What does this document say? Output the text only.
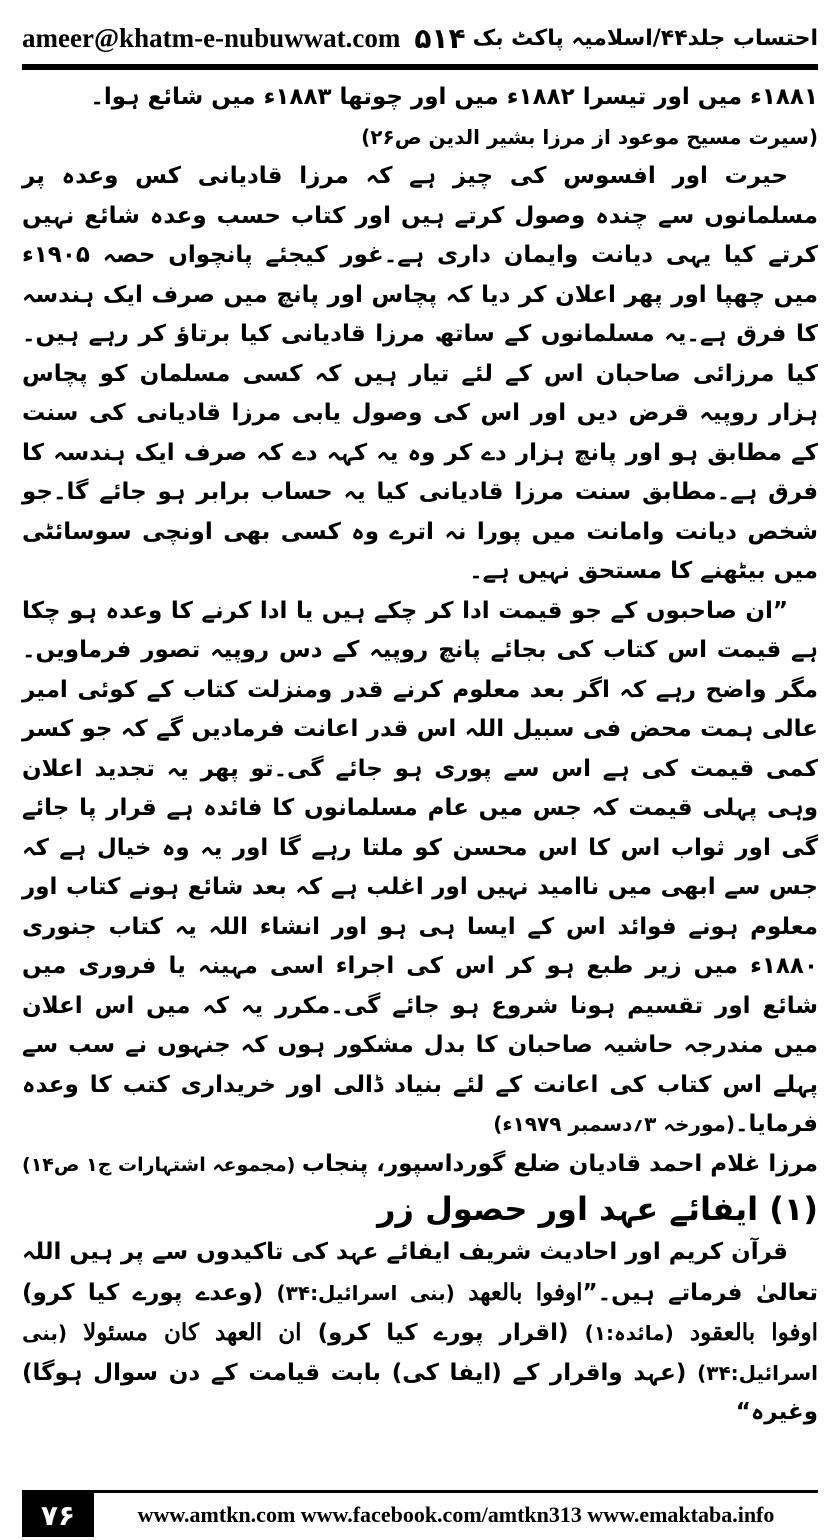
ameer@khatm-e-nubuwwat.com ۵۱۴ احتساب جلد۴۴/اسلامیہ پاکٹ بک

۱۸۸۱ء میں اور تیسرا ۱۸۸۲ء میں اور چوتھا ۱۸۸۳ء میں شائع ہوا۔

(سیرت مسیح موعود از مرزا بشیر الدین ص۲۶)

حیرت اور افسوس کی چیز ہے کہ مرزا قادیانی کس وعدہ پر مسلمانوں سے چندہ وصول کرتے ہیں اور کتاب حسب وعدہ شائع نہیں کرتے کیا یہی دیانت وایمان داری ہے۔غور کیجئے پانچواں حصہ ۱۹۰۵ء میں چھپا اور پھر اعلان کر دیا کہ پچاس اور پانچ میں صرف ایک ہندسہ کا فرق ہے۔یہ مسلمانوں کے ساتھ مرزا قادیانی کیا برتاؤ کر رہے ہیں۔کیا مرزائی صاحبان اس کے لئے تیار ہیں کہ کسی مسلمان کو پچاس ہزار روپیہ قرض دیں اور اس کی وصول یابی مرزا قادیانی کی سنت کے مطابق ہو اور پانچ ہزار دے کر وہ یہ کہہ دے کہ صرف ایک ہندسہ کا فرق ہے۔مطابق سنت مرزا قادیانی کیا یہ حساب برابر ہو جائے گا۔جو شخص دیانت وامانت میں پورا نہ اترے وہ کسی بھی اونچی سوسائٹی میں بیٹھنے کا مستحق نہیں ہے۔

”ان صاحبوں کے جو قیمت ادا کر چکے ہیں یا ادا کرنے کا وعدہ ہو چکا ہے قیمت اس کتاب کی بجائے پانچ روپیہ کے دس روپیہ تصور فرماویں۔مگر واضح رہے کہ اگر بعد معلوم کرنے قدر ومنزلت کتاب کے کوئی امیر عالی ہمت محض فی سبیل اللہ اس قدر اعانت فرمادیں گے کہ جو کسر کمی قیمت کی ہے اس سے پوری ہو جائے گی۔تو پھر یہ تجدید اعلان وہی پہلی قیمت کہ جس میں عام مسلمانوں کا فائدہ ہے قرار پا جائے گی اور ثواب اس کا اس محسن کو ملتا رہے گا اور یہ وہ خیال ہے کہ جس سے ابھی میں ناامید نہیں اور اغلب ہے کہ بعد شائع ہونے کتاب اور معلوم ہونے فوائد اس کے ایسا ہی ہو اور انشاء اللہ یہ کتاب جنوری ۱۸۸۰ء میں زیر طبع ہو کر اس کی اجراء اسی مہینہ یا فروری میں شائع اور تقسیم ہونا شروع ہو جائے گی۔مکرر یہ کہ میں اس اعلان میں مندرجہ حاشیہ صاحبان کا بدل مشکور ہوں کہ جنہوں نے سب سے پہلے اس کتاب کی اعانت کے لئے بنیاد ڈالی اور خریداری کتب کا وعدہ فرمایا۔(مورخہ ۳؍دسمبر ۱۹۷۹ء)

مرزا غلام احمد قادیان ضلع گورداسپور، پنجاب
(مجموعہ اشتہارات ج۱ ص۱۴)

(۱) ایفائے عہد اور حصول زر

قرآن کریم اور احادیث شریف ایفائے عہد کی تاکیدوں سے پر ہیں اللہ تعالیٰ فرماتے ہیں۔”اوفوا بالعھد (بنی اسرائیل:۳۴) (وعدے پورے کیا کرو) اوفوا بالعقود (مائدہ:۱) (اقرار پورے کیا کرو) ان العھد کان مسئولا (بنی اسرائیل:۳۴) (عہد واقرار کے (ایفا کی) بابت قیامت کے دن سوال ہوگا) وغیرہ“

۷۶	www.amtkn.com www.facebook.com/amtkn313 www.emaktaba.info
